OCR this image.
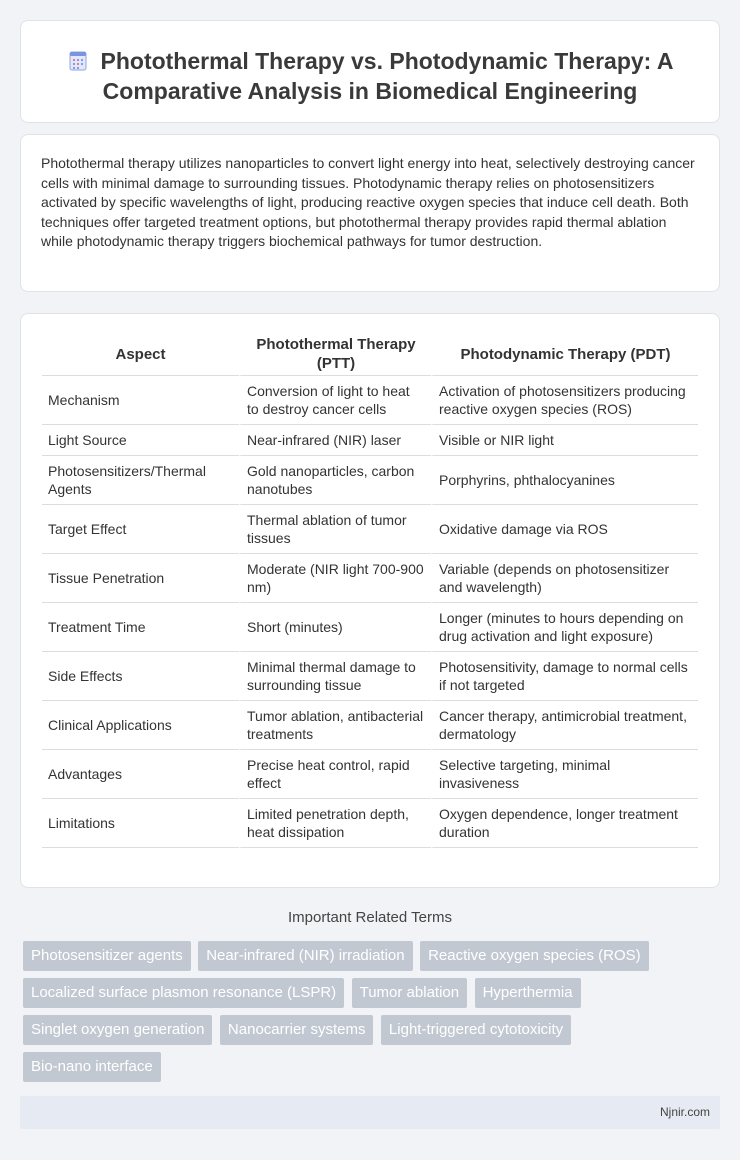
Photothermal Therapy vs. Photodynamic Therapy: A Comparative Analysis in Biomedical Engineering

Photothermal therapy utilizes nanoparticles to convert light energy into heat, selectively destroying cancer cells with minimal damage to surrounding tissues. Photodynamic therapy relies on photosensitizers activated by specific wavelengths of light, producing reactive oxygen species that induce cell death. Both techniques offer targeted treatment options, but photothermal therapy provides rapid thermal ablation while photodynamic therapy triggers biochemical pathways for tumor destruction.

Aspect	Photothermal Therapy (PTT)	Photodynamic Therapy (PDT)
Mechanism	Conversion of light to heat to destroy cancer cells	Activation of photosensitizers producing reactive oxygen species (ROS)
Light Source	Near-infrared (NIR) laser	Visible or NIR light
Photosensitizers/Thermal Agents	Gold nanoparticles, carbon nanotubes	Porphyrins, phthalocyanines
Target Effect	Thermal ablation of tumor tissues	Oxidative damage via ROS
Tissue Penetration	Moderate (NIR light 700-900 nm)	Variable (depends on photosensitizer and wavelength)
Treatment Time	Short (minutes)	Longer (minutes to hours depending on drug activation and light exposure)
Side Effects	Minimal thermal damage to surrounding tissue	Photosensitivity, damage to normal cells if not targeted
Clinical Applications	Tumor ablation, antibacterial treatments	Cancer therapy, antimicrobial treatment, dermatology
Advantages	Precise heat control, rapid effect	Selective targeting, minimal invasiveness
Limitations	Limited penetration depth, heat dissipation	Oxygen dependence, longer treatment duration
Important Related Terms
Photosensitizer agents Near-infrared (NIR) irradiation Reactive oxygen species (ROS) Localized surface plasmon resonance (LSPR) Tumor ablation Hyperthermia Singlet oxygen generation Nanocarrier systems Light-triggered cytotoxicity Bio-nano interface
Njnir.com
